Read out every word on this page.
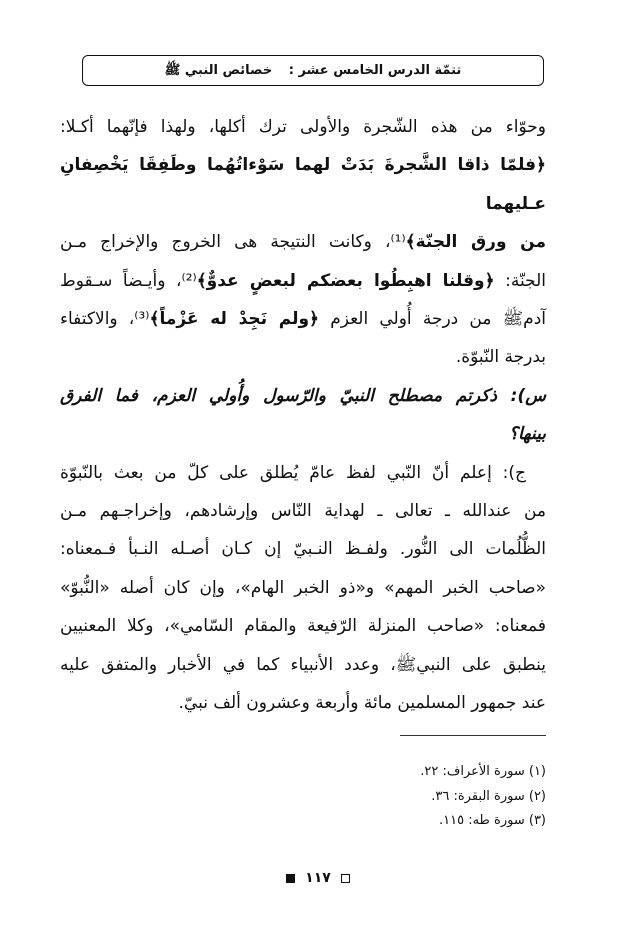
تتمّة الدرس الخامس عشر : خصائص النبي ﷺ
وحوّاء من هذه الشّجرة والأولى ترك أكلها، ولهذا فإنّهما أكـلا:
﴿فلمّا ذاقا الشَّجرةَ بَدَتْ لهما سَوْءاتُهُما وطَفِقَا يَخْصِفانِ عـليهما
من ورق الجنّة﴾⁽¹⁾، وكانت النتيجة هى الخروج والإخراج مـن
الجنّة: ﴿وقلنا اهبِطُوا بعضكم لبعضٍ عدوٌّ﴾⁽²⁾، وأيـضاً سـقوط
آدمﷺ من درجة أُولي العزم ﴿ولم نَجِدْ له عَزْماً﴾⁽³⁾، والاكتفاء
بدرجة النّبوّة.
س): ذكرتم مصطلح النبيّ والرّسول وأُولي العزم، فما الفرق
بينها؟
ج): إعلم أنّ النّبي لفظ عامّ يُطلق على كلّ من بعث بالنّبوّة
من عندالله ـ تعالى ـ لهداية النّاس وإرشادهم، وإخراجـهم مـن
الظُّلُمات الى النُّور. ولفـظ النـبيّ إن كـان أصـله النـبأ فـمعناه:
«صاحب الخبر المهم» و«ذو الخبر الهام»، وإن كان أصله «النُّبوّ»
فمعناه: «صاحب المنزلة الرّفيعة والمقام السّامي»، وكلا المعنيين
ينطبق على النبيﷺ، وعدد الأنبياء كما في الأخبار والمتفق عليه
عند جمهور المسلمين مائة وأربعة وعشرون ألف نبيّ.
(١) سورة الأعراف: ٢٢.
(٢) سورة البقرة: ٣٦.
(٣) سورة طه: ١١٥.
١١٧
